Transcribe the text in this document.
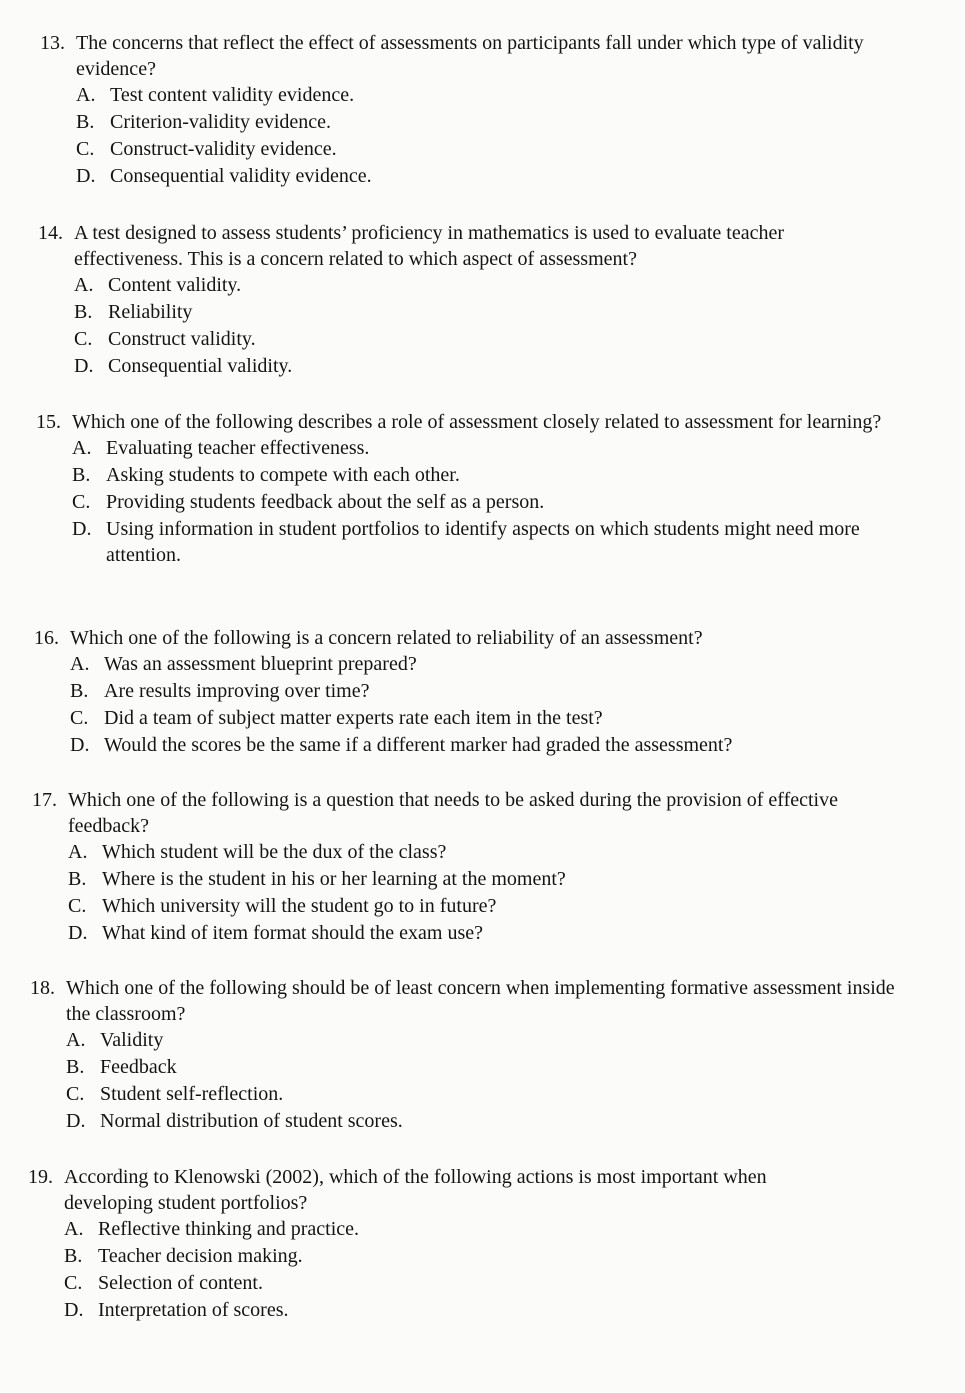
13. The concerns that reflect the effect of assessments on participants fall under which type of validity evidence?
A. Test content validity evidence.
B. Criterion-validity evidence.
C. Construct-validity evidence.
D. Consequential validity evidence.
14. A test designed to assess students’ proficiency in mathematics is used to evaluate teacher effectiveness. This is a concern related to which aspect of assessment?
A. Content validity.
B. Reliability
C. Construct validity.
D. Consequential validity.
15. Which one of the following describes a role of assessment closely related to assessment for learning?
A. Evaluating teacher effectiveness.
B. Asking students to compete with each other.
C. Providing students feedback about the self as a person.
D. Using information in student portfolios to identify aspects on which students might need more attention.
16. Which one of the following is a concern related to reliability of an assessment?
A. Was an assessment blueprint prepared?
B. Are results improving over time?
C. Did a team of subject matter experts rate each item in the test?
D. Would the scores be the same if a different marker had graded the assessment?
17. Which one of the following is a question that needs to be asked during the provision of effective feedback?
A. Which student will be the dux of the class?
B. Where is the student in his or her learning at the moment?
C. Which university will the student go to in future?
D. What kind of item format should the exam use?
18. Which one of the following should be of least concern when implementing formative assessment inside the classroom?
A. Validity
B. Feedback
C. Student self-reflection.
D. Normal distribution of student scores.
19. According to Klenowski (2002), which of the following actions is most important when developing student portfolios?
A. Reflective thinking and practice.
B. Teacher decision making.
C. Selection of content.
D. Interpretation of scores.
